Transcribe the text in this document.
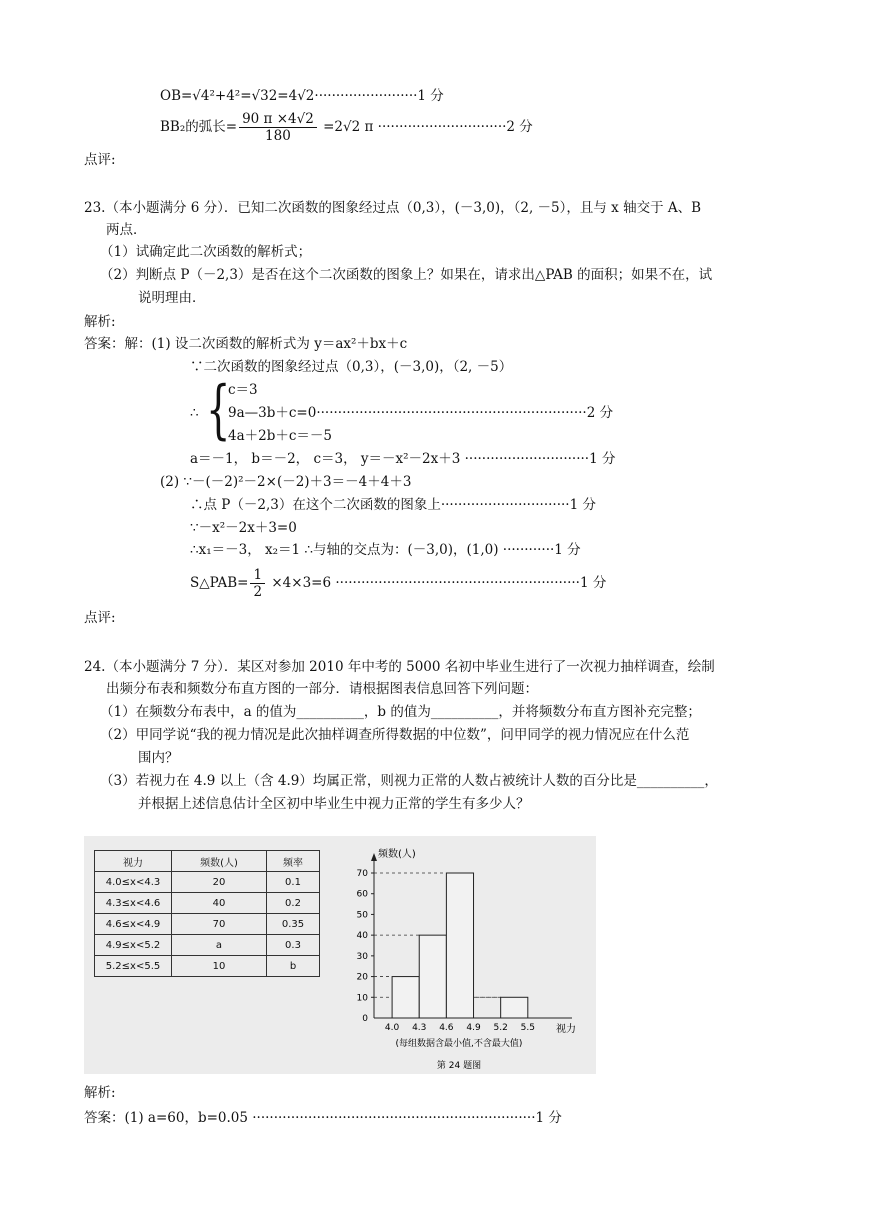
OB=√4²+4²=√32=4√2························1 分
BB₂的弧长= $\frac{90 \pi \times 4√2}{180} =2√2$ π ······························2 分
点评:
23.（本小题满分 6 分）．已知二次函数的图象经过点（0,3），(－3,0)，（2, －5），且与 x 轴交于 A、B
两点．
（1）试确定此二次函数的解析式；
（2）判断点 P（－2,3）是否在这个二次函数的图象上？如果在，请求出△PAB 的面积；如果不在，试
说明理由．
解析:
答案：解：(1) 设二次函数的解析式为 y＝ax²＋bx＋c
∵二次函数的图象经过点（0,3），(－3,0)，（2, －5）
∴ {
c＝3
9a—3b＋c=0·······························································2 分
4a＋2b＋c＝－5
a＝－1， b＝－2， c＝3， y＝－x²－2x＋3 ·····························1 分
(2) ∵－(－2)²－2×(－2)＋3＝－4＋4＋3
∴点 P（－2,3）在这个二次函数的图象上······························1 分
∵－x²－2x＋3=0
∴x₁＝－3， x₂＝1 ∴与轴的交点为：(－3,0)，(1,0) ············1 分
S△PAB= $\frac{1}{2} \times 4\times 3=6 \cdot\cdot\cdot\cdot\cdot\cdot\cdot\cdot\cdot\cdot\cdot\cdot\cdot\cdot\cdot\cdot\cdot\cdot\cdot\cdot\cdot\cdot\cdot\cdot\cdot\cdot\cdot\cdot\cdot\cdot\cdot\cdot\cdot\cdot\cdot\cdot\cdot\cdot\cdot\cdot\cdot\cdot\cdot\cdot\cdot\cdot\cdot\cdot\cdot\cdot\cdot\cdot\cdot\cdot\cdot\cdot\cdot 1$ 分
点评:
24.（本小题满分 7 分）．某区对参加 2010 年中考的 5000 名初中毕业生进行了一次视力抽样调查，绘制
出频分布表和频数分布直方图的一部分．请根据图表信息回答下列问题：
（1）在频数分布表中，a 的值为__________，b 的值为__________，并将频数分布直方图补充完整；
（2）甲同学说“我的视力情况是此次抽样调查所得数据的中位数”，问甲同学的视力情况应在什么范
围内？
（3）若视力在 4.9 以上（含 4.9）均属正常，则视力正常的人数占被统计人数的百分比是__________，
并根据上述信息估计全区初中毕业生中视力正常的学生有多少人？
视力	频数(人)	频率
4.0≤x<4.3	20	0.1
4.3≤x<4.6	40	0.2
4.6≤x<4.9	70	0.35
4.9≤x<5.2	a	0.3
5.2≤x<5.5	10	b
频数(人)
视力
0
10
20
30
40
50
60
70
4.0 4.3 4.6 4.9 5.2 5.5
(每组数据含最小值,不含最大值)
第 24 题图
解析:
答案：(1) a=60，b=0.05 ··································································1 分
